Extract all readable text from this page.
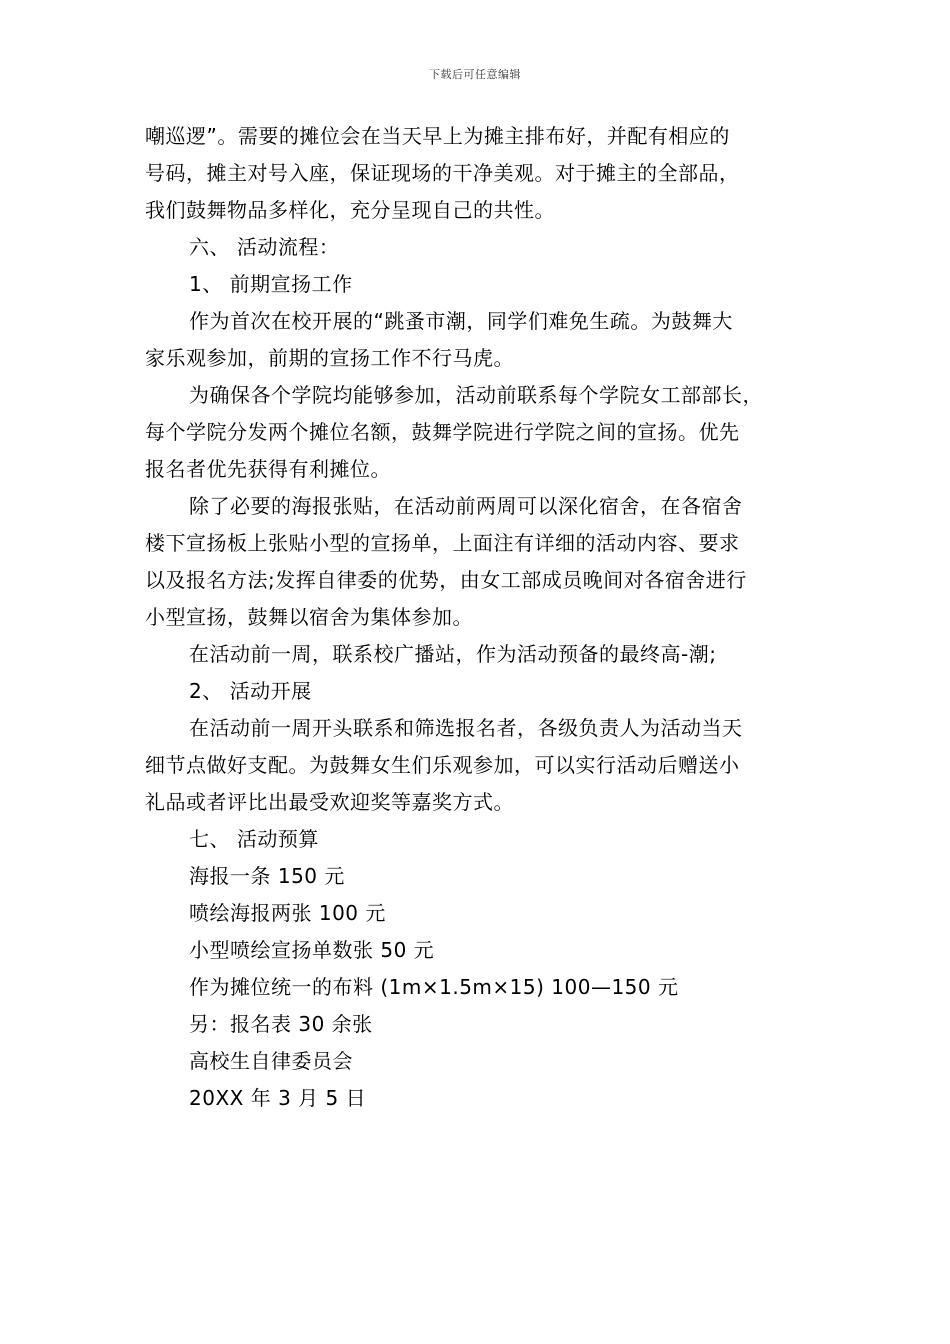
下载后可任意编辑
嘲巡逻”。需要的摊位会在当天早上为摊主排布好，并配有相应的
号码，摊主对号入座，保证现场的干净美观。对于摊主的全部品，
我们鼓舞物品多样化，充分呈现自己的共性。
六、 活动流程：
1、 前期宣扬工作
作为首次在校开展的“跳蚤市潮，同学们难免生疏。为鼓舞大
家乐观参加，前期的宣扬工作不行马虎。
为确保各个学院均能够参加，活动前联系每个学院女工部部长，
每个学院分发两个摊位名额，鼓舞学院进行学院之间的宣扬。优先
报名者优先获得有利摊位。
除了必要的海报张贴，在活动前两周可以深化宿舍，在各宿舍
楼下宣扬板上张贴小型的宣扬单，上面注有详细的活动内容、要求
以及报名方法;发挥自律委的优势，由女工部成员晚间对各宿舍进行
小型宣扬，鼓舞以宿舍为集体参加。
在活动前一周，联系校广播站，作为活动预备的最终高-潮;
2、 活动开展
在活动前一周开头联系和筛选报名者，各级负责人为活动当天
细节点做好支配。为鼓舞女生们乐观参加，可以实行活动后赠送小
礼品或者评比出最受欢迎奖等嘉奖方式。
七、 活动预算
海报一条 150 元
喷绘海报两张 100 元
小型喷绘宣扬单数张 50 元
作为摊位统一的布料 (1m×1.5m×15) 100—150 元
另：报名表 30 余张
高校生自律委员会
20XX 年 3 月 5 日
